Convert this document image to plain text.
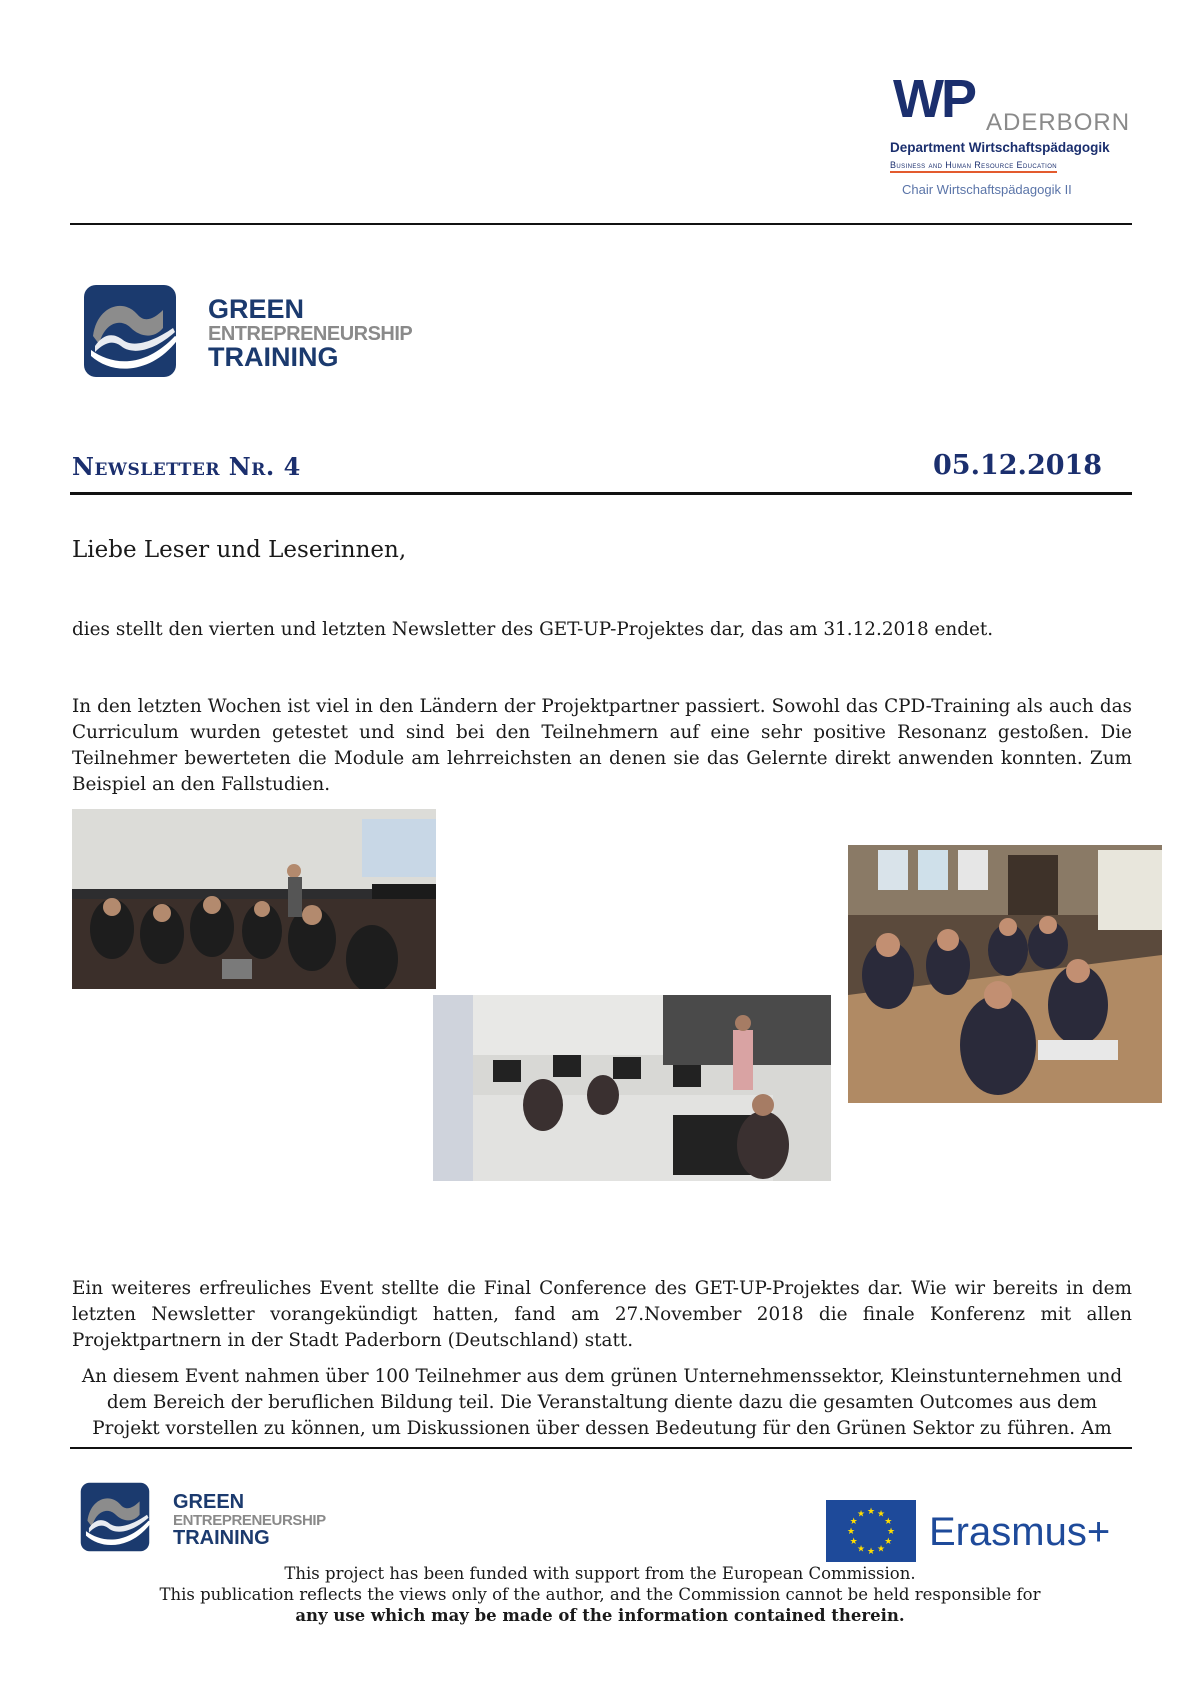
WP ADERBORN
Department Wirtschaftspädagogik
Business and Human Resource Education
Chair Wirtschaftspädagogik II
GREEN
ENTREPRENEURSHIP
TRAINING
Newsletter Nr. 4	05.12.2018
Liebe Leser und Leserinnen,
dies stellt den vierten und letzten Newsletter des GET-UP-Projektes dar, das am 31.12.2018 endet.
In den letzten Wochen ist viel in den Ländern der Projektpartner passiert. Sowohl das CPD-Training als auch das Curriculum wurden getestet und sind bei den Teilnehmern auf eine sehr positive Resonanz gestoßen. Die Teilnehmer bewerteten die Module am lehrreichsten an denen sie das Gelernte direkt anwenden konnten. Zum Beispiel an den Fallstudien.
Ein weiteres erfreuliches Event stellte die Final Conference des GET-UP-Projektes dar. Wie wir bereits in dem letzten Newsletter vorangekündigt hatten, fand am 27.November 2018 die finale Konferenz mit allen Projektpartnern in der Stadt Paderborn (Deutschland) statt.
An diesem Event nahmen über 100 Teilnehmer aus dem grünen Unternehmenssektor, Kleinstunternehmen und dem Bereich der beruflichen Bildung teil. Die Veranstaltung diente dazu die gesamten Outcomes aus dem Projekt vorstellen zu können, um Diskussionen über dessen Bedeutung für den Grünen Sektor zu führen. Am
GREEN
ENTREPRENEURSHIP
TRAINING
★ ★
★
★
★
★
★
★
★
★
★
★ Erasmus+
This project has been funded with support from the European Commission.
This publication reflects the views only of the author, and the Commission cannot be held responsible for
any use which may be made of the information contained therein.
